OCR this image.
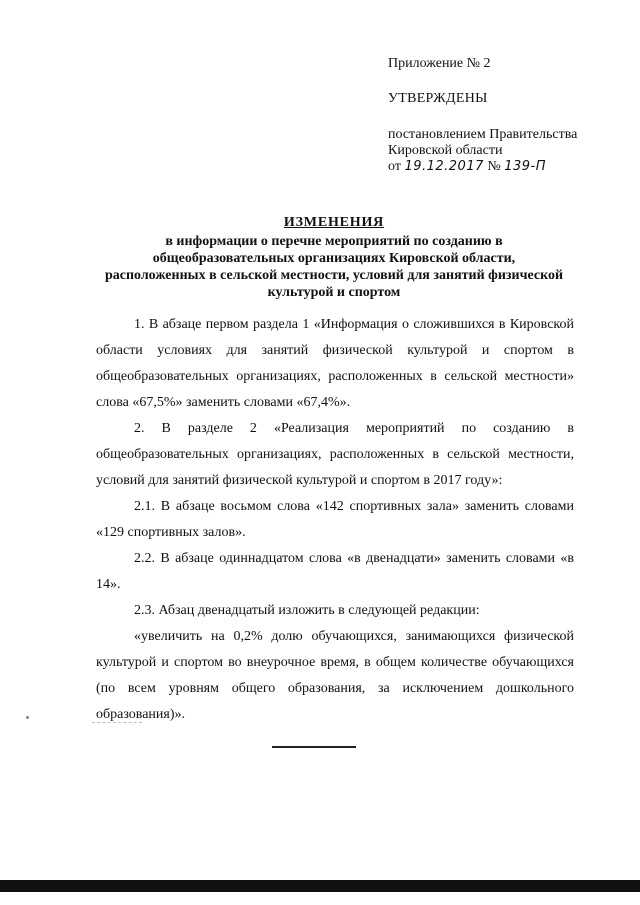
Приложение № 2

УТВЕРЖДЕНЫ

постановлением Правительства

Кировской области

от 19.12.2017 № 139-П

ИЗМЕНЕНИЯ

в информации о перечне мероприятий по созданию в

общеобразовательных организациях Кировской области,

расположенных в сельской местности, условий для занятий физической

культурой и спортом

1. В абзаце первом раздела 1 «Информация о сложившихся в Кировской области условиях для занятий физической культурой и спортом в общеобразовательных организациях, расположенных в сельской местности» слова «67,5%» заменить словами «67,4%».

2. В разделе 2 «Реализация мероприятий по созданию в общеобразовательных организациях, расположенных в сельской местности, условий для занятий физической культурой и спортом в 2017 году»:

2.1. В абзаце восьмом слова «142 спортивных зала» заменить словами «129 спортивных залов».

2.2. В абзаце одиннадцатом слова «в двенадцати» заменить словами «в 14».

2.3. Абзац двенадцатый изложить в следующей редакции:

«увеличить на 0,2% долю обучающихся, занимающихся физической культурой и спортом во внеурочное время, в общем количестве обучающихся (по всем уровням общего образования, за исключением дошкольного образования)».
